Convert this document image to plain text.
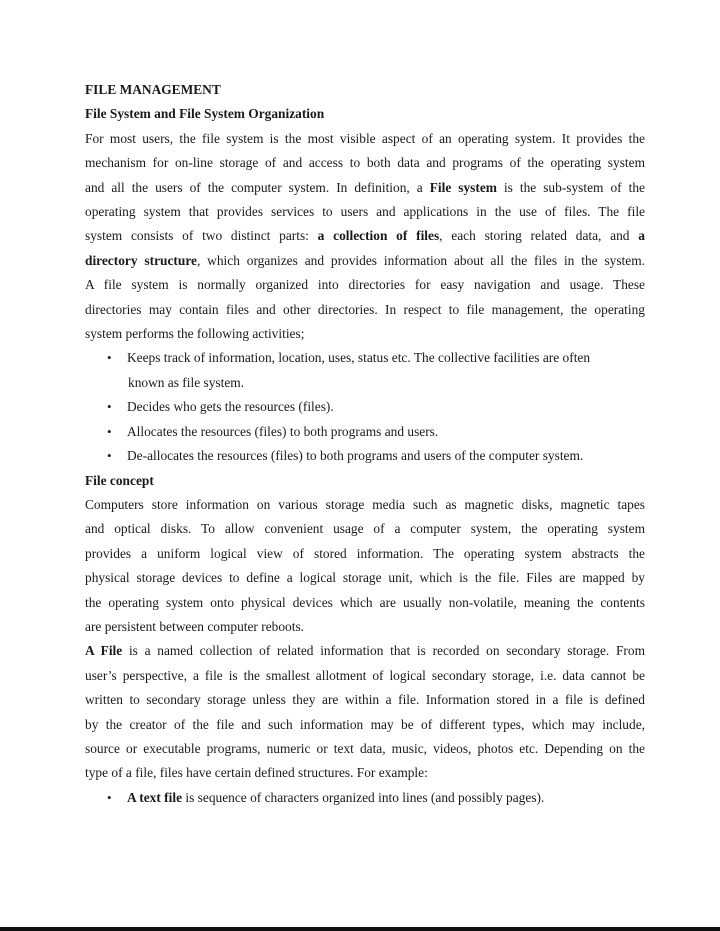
FILE MANAGEMENT
File System and File System Organization
For most users, the file system is the most visible aspect of an operating system. It provides the
mechanism for on-line storage of and access to both data and programs of the operating system
and all the users of the computer system. In definition, a File system is the sub-system of the
operating system that provides services to users and applications in the use of files. The file
system consists of two distinct parts: a collection of files, each storing related data, and a
directory structure, which organizes and provides information about all the files in the system.
A file system is normally organized into directories for easy navigation and usage. These
directories may contain files and other directories. In respect to file management, the operating
system performs the following activities;
• Keeps track of information, location, uses, status etc. The collective facilities are often
known as file system.
• Decides who gets the resources (files).
• Allocates the resources (files) to both programs and users.
• De-allocates the resources (files) to both programs and users of the computer system.
File concept
Computers store information on various storage media such as magnetic disks, magnetic tapes
and optical disks. To allow convenient usage of a computer system, the operating system
provides a uniform logical view of stored information. The operating system abstracts the
physical storage devices to define a logical storage unit, which is the file. Files are mapped by
the operating system onto physical devices which are usually non-volatile, meaning the contents
are persistent between computer reboots.
A File is a named collection of related information that is recorded on secondary storage. From
user’s perspective, a file is the smallest allotment of logical secondary storage, i.e. data cannot be
written to secondary storage unless they are within a file. Information stored in a file is defined
by the creator of the file and such information may be of different types, which may include,
source or executable programs, numeric or text data, music, videos, photos etc. Depending on the
type of a file, files have certain defined structures. For example:
• A text file is sequence of characters organized into lines (and possibly pages).
